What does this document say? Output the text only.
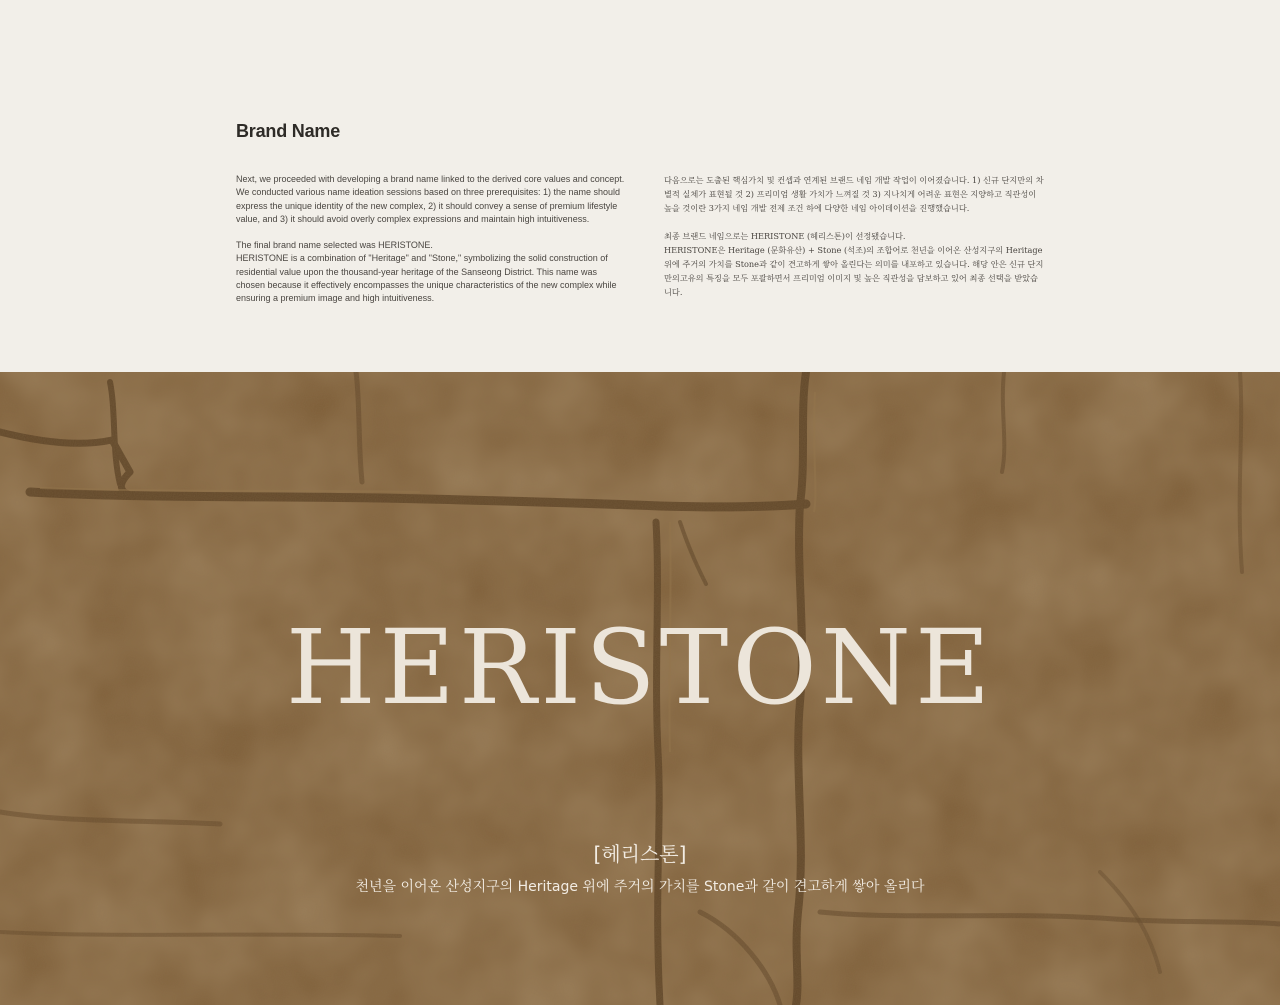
Brand Name

Next, we proceeded with developing a brand name linked to the derived core values and concept. We conducted various name ideation sessions based on three prerequisites: 1) the name should express the unique identity of the new complex, 2) it should convey a sense of premium lifestyle value, and 3) it should avoid overly complex expressions and maintain high intuitiveness.

The final brand name selected was HERISTONE.

HERISTONE is a combination of "Heritage" and "Stone," symbolizing the solid construction of residential value upon the thousand-year heritage of the Sanseong District. This name was chosen because it effectively encompasses the unique characteristics of the new complex while ensuring a premium image and high intuitiveness.

다음으로는 도출된 핵심가치 및 컨셉과 연계된 브랜드 네임 개발 작업이 이어졌습니다. 1) 신규 단지만의 차별적 실체가 표현될 것 2) 프리미엄 생활 가치가 느껴질 것 3) 지나치게 어려운 표현은 지양하고 직관성이 높을 것이란 3가지 네임 개발 전제 조건 하에 다양한 네임 아이데이션을 진행했습니다.

최종 브랜드 네임으로는 HERISTONE (헤리스톤)이 선정됐습니다.

HERISTONE은 Heritage (문화유산) + Stone (석조)의 조합어로 천년을 이어온 산성지구의 Heritage 위에 주거의 가치를 Stone과 같이 견고하게 쌓아 올린다는 의미를 내포하고 있습니다. 해당 안은 신규 단지만의고유의 특징을 모두 포괄하면서 프리미엄 이미지 및 높은 직관성을 담보하고 있어 최종 선택을 받았습니다.

HERISTONE
[헤리스톤]
천년을 이어온 산성지구의 Heritage 위에 주거의 가치를 Stone과 같이 견고하게 쌓아 올리다
